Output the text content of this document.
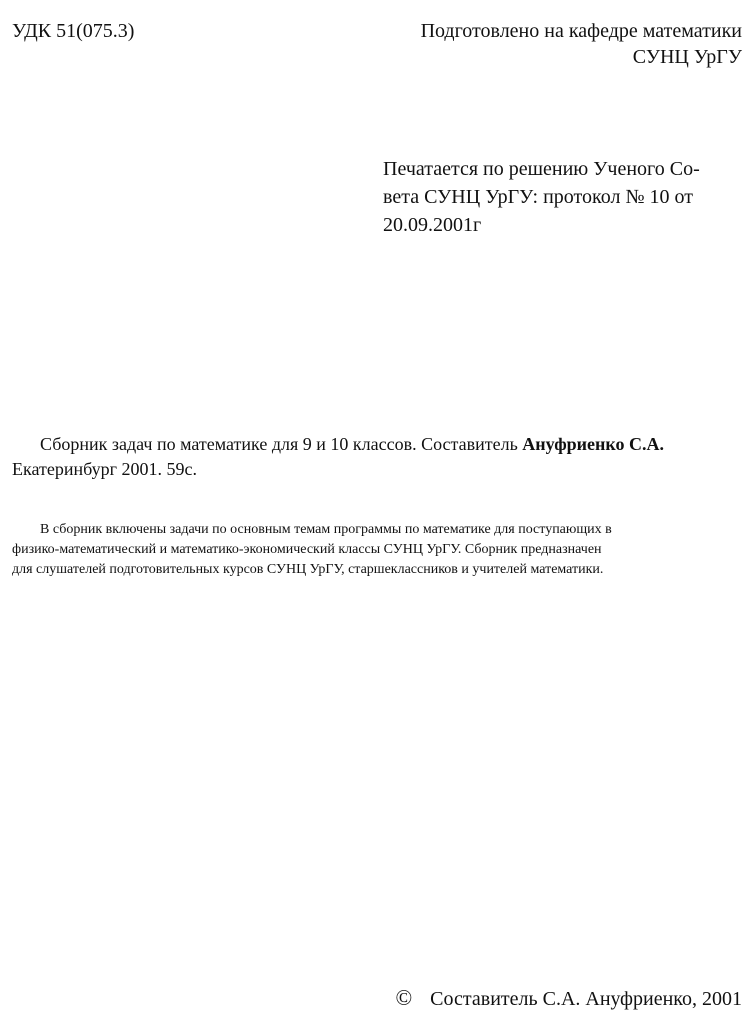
УДК 51(075.3)	Подготовлено на кафедре математики
СУНЦ УрГУ
Печатается по решению Ученого Со-
вета СУНЦ УрГУ: протокол № 10 от
20.09.2001г
Сборник задач по математике для 9 и 10 классов. Составитель Ануфриенко С.А.
Екатеринбург 2001. 59с.
В сборник включены задачи по основным темам программы по математике для поступающих в
физико-математический и математико-экономический классы СУНЦ УрГУ. Сборник предназначен
для слушателей подготовительных курсов СУНЦ УрГУ, старшеклассников и учителей математики.
© Составитель С.А. Ануфриенко, 2001
